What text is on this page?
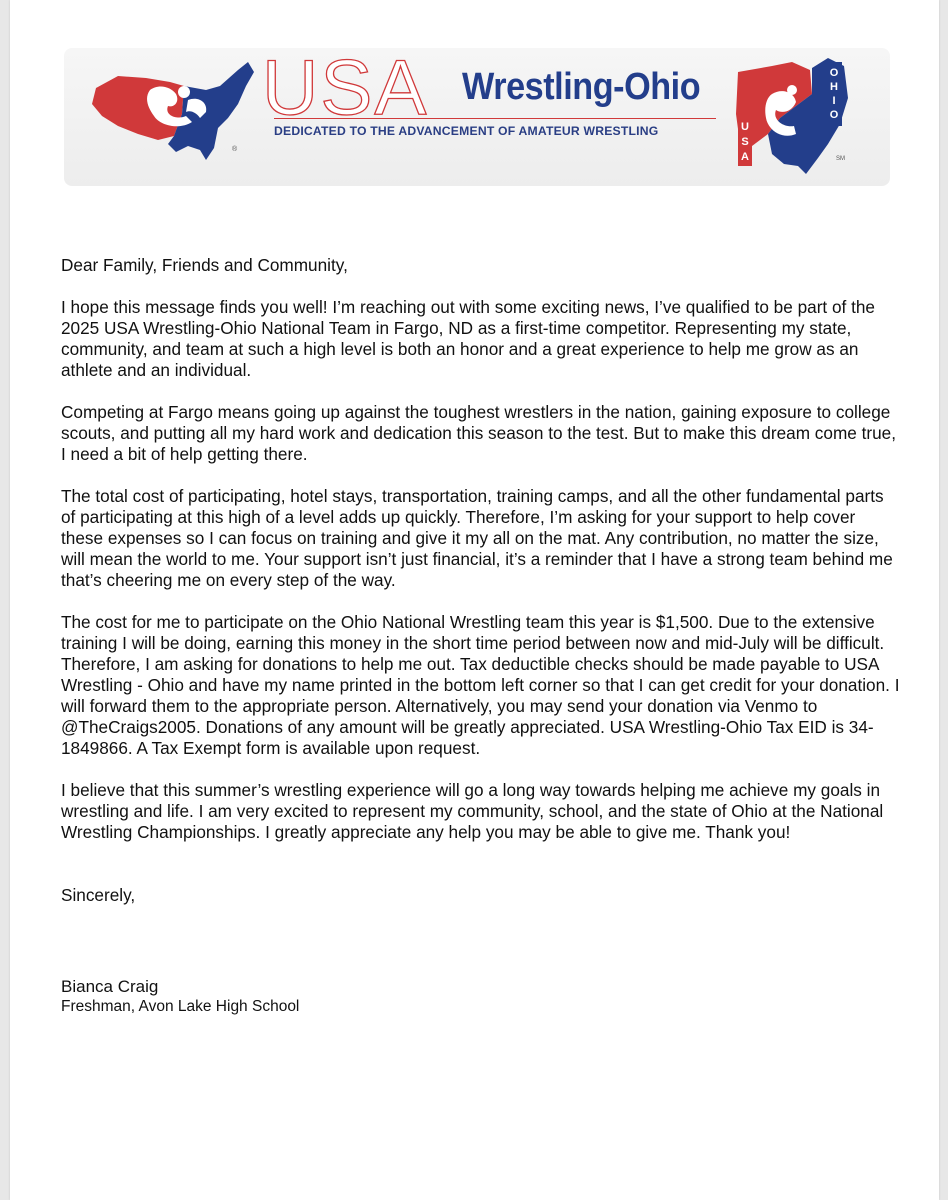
®
USA Wrestling-Ohio
DEDICATED TO THE ADVANCEMENT OF AMATEUR WRESTLING
O
H
I
O
U
S
A	SM

Dear Family, Friends and Community,

I hope this message finds you well! I’m reaching out with some exciting news, I’ve qualified to be part of the 2025 USA Wrestling-Ohio National Team in Fargo, ND as a first-time competitor. Representing my state, community, and team at such a high level is both an honor and a great experience to help me grow as an athlete and an individual.

Competing at Fargo means going up against the toughest wrestlers in the nation, gaining exposure to college scouts, and putting all my hard work and dedication this season to the test. But to make this dream come true, I need a bit of help getting there.

The total cost of participating, hotel stays, transportation, training camps, and all the other fundamental parts of participating at this high of a level adds up quickly. Therefore, I’m asking for your support to help cover these expenses so I can focus on training and give it my all on the mat. Any contribution, no matter the size, will mean the world to me. Your support isn’t just financial, it’s a reminder that I have a strong team behind me that’s cheering me on every step of the way.

The cost for me to participate on the Ohio National Wrestling team this year is $1,500. Due to the extensive training I will be doing, earning this money in the short time period between now and mid-July will be difficult. Therefore, I am asking for donations to help me out. Tax deductible checks should be made payable to USA Wrestling - Ohio and have my name printed in the bottom left corner so that I can get credit for your donation. I will forward them to the appropriate person. Alternatively, you may send your donation via Venmo to @TheCraigs2005. Donations of any amount will be greatly appreciated. USA Wrestling-Ohio Tax EID is 34-1849866. A Tax Exempt form is available upon request.

I believe that this summer’s wrestling experience will go a long way towards helping me achieve my goals in wrestling and life. I am very excited to represent my community, school, and the state of Ohio at the National Wrestling Championships. I greatly appreciate any help you may be able to give me. Thank you!

Sincerely,

Bianca Craig
Freshman, Avon Lake High School
